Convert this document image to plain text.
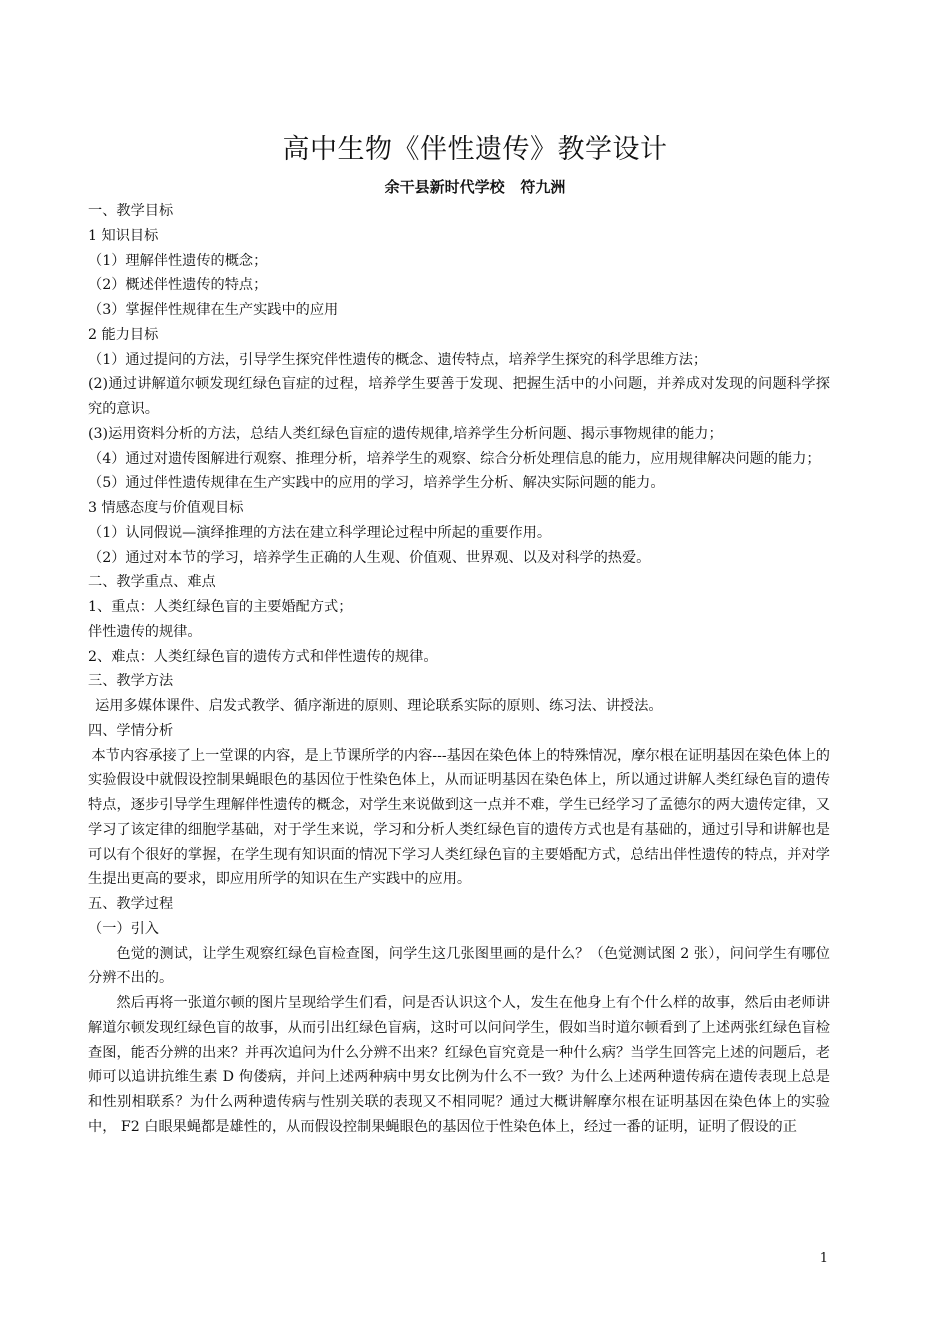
高中生物《伴性遗传》教学设计
余干县新时代学校   符九洲

一、教学目标

1 知识目标

（1）理解伴性遗传的概念；

（2）概述伴性遗传的特点；

（3）掌握伴性规律在生产实践中的应用

2 能力目标

（1）通过提问的方法，引导学生探究伴性遗传的概念、遗传特点，培养学生探究的科学思维方法；

(2)通过讲解道尔顿发现红绿色盲症的过程，培养学生要善于发现、把握生活中的小问题，并养成对发现的问题科学探究的意识。

(3)运用资料分析的方法，总结人类红绿色盲症的遗传规律,培养学生分析问题、揭示事物规律的能力；

（4）通过对遗传图解进行观察、推理分析，培养学生的观察、综合分析处理信息的能力，应用规律解决问题的能力；

（5）通过伴性遗传规律在生产实践中的应用的学习，培养学生分析、解决实际问题的能力。

3 情感态度与价值观目标

（1）认同假说—演绎推理的方法在建立科学理论过程中所起的重要作用。

（2）通过对本节的学习，培养学生正确的人生观、价值观、世界观、以及对科学的热爱。

二、教学重点、难点

1、重点：人类红绿色盲的主要婚配方式；

伴性遗传的规律。

2、难点：人类红绿色盲的遗传方式和伴性遗传的规律。

三、教学方法

运用多媒体课件、启发式教学、循序渐进的原则、理论联系实际的原则、练习法、讲授法。

四、学情分析

本节内容承接了上一堂课的内容，是上节课所学的内容---基因在染色体上的特殊情况，摩尔根在证明基因在染色体上的实验假设中就假设控制果蝇眼色的基因位于性染色体上，从而证明基因在染色体上，所以通过讲解人类红绿色盲的遗传特点，逐步引导学生理解伴性遗传的概念，对学生来说做到这一点并不难，学生已经学习了孟德尔的两大遗传定律，又学习了该定律的细胞学基础，对于学生来说，学习和分析人类红绿色盲的遗传方式也是有基础的，通过引导和讲解也是可以有个很好的掌握，在学生现有知识面的情况下学习人类红绿色盲的主要婚配方式，总结出伴性遗传的特点，并对学生提出更高的要求，即应用所学的知识在生产实践中的应用。

五、教学过程

（一）引入

色觉的测试，让学生观察红绿色盲检查图，问学生这几张图里画的是什么？（色觉测试图 2 张），问问学生有哪位分辨不出的。

然后再将一张道尔顿的图片呈现给学生们看，问是否认识这个人，发生在他身上有个什么样的故事，然后由老师讲解道尔顿发现红绿色盲的故事，从而引出红绿色盲病，这时可以问问学生，假如当时道尔顿看到了上述两张红绿色盲检查图，能否分辨的出来？并再次追问为什么分辨不出来？红绿色盲究竟是一种什么病？当学生回答完上述的问题后，老师可以追讲抗维生素 D 佝偻病，并问上述两种病中男女比例为什么不一致？为什么上述两种遗传病在遗传表现上总是和性别相联系？为什么两种遗传病与性别关联的表现又不相同呢？通过大概讲解摩尔根在证明基因在染色体上的实验中， F2 白眼果蝇都是雄性的，从而假设控制果蝇眼色的基因位于性染色体上，经过一番的证明，证明了假设的正

1
